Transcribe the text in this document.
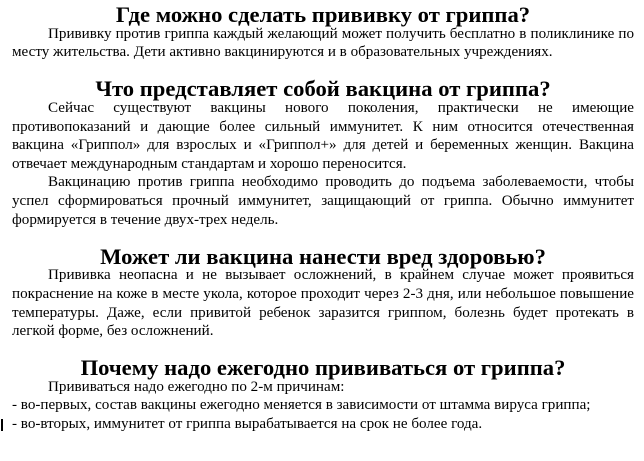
Где можно сделать прививку от гриппа?

Прививку против гриппа каждый желающий может получить бесплатно в поликлинике по месту жительства. Дети активно вакцинируются и в образовательных учреждениях.

Что представляет собой вакцина от гриппа?

Сейчас существуют вакцины нового поколения, практически не имеющие противопоказаний и дающие более сильный иммунитет. К ним относится отечественная вакцина «Гриппол» для взрослых и «Гриппол+» для детей и беременных женщин. Вакцина отвечает международным стандартам и хорошо переносится.

Вакцинацию против гриппа необходимо проводить до подъема заболеваемости, чтобы успел сформироваться прочный иммунитет, защищающий от гриппа. Обычно иммунитет формируется в течение двух-трех недель.

Может ли вакцина нанести вред здоровью?

Прививка неопасна и не вызывает осложнений, в крайнем случае может проявиться покраснение на коже в месте укола, которое проходит через 2-3 дня, или небольшое повышение температуры. Даже, если привитой ребенок заразится гриппом, болезнь будет протекать в легкой форме, без осложнений.

Почему надо ежегодно прививаться от гриппа?

Прививаться надо ежегодно по 2-м причинам:

- во-первых, состав вакцины ежегодно меняется в зависимости от штамма вируса гриппа;

- во-вторых, иммунитет от гриппа вырабатывается на срок не более года.
